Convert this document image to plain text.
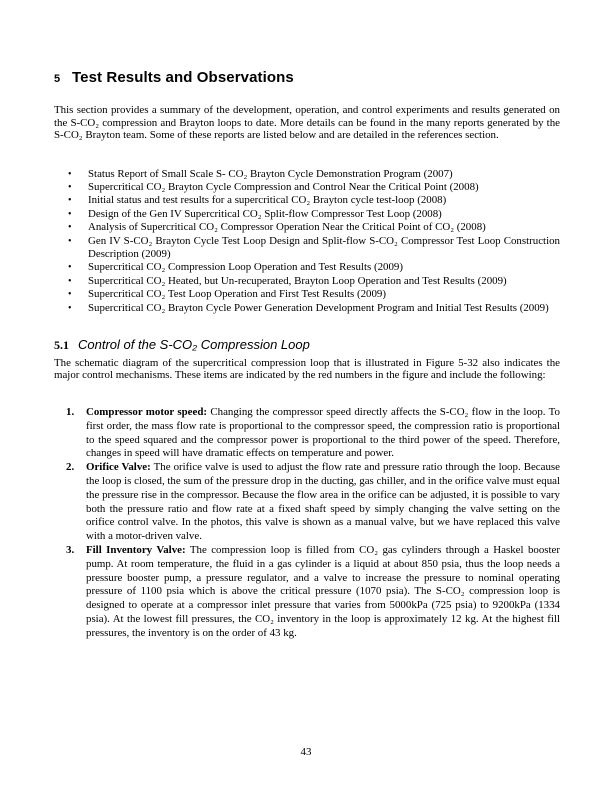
5 Test Results and Observations

This section provides a summary of the development, operation, and control experiments and results generated on the S-CO₂ compression and Brayton loops to date. More details can be found in the many reports generated by the S-CO₂ Brayton team. Some of these reports are listed below and are detailed in the references section.

•	Status Report of Small Scale S- CO₂ Brayton Cycle Demonstration Program (2007)
•	Supercritical CO₂ Brayton Cycle Compression and Control Near the Critical Point (2008)
•	Initial status and test results for a supercritical CO₂ Brayton cycle test-loop (2008)
•	Design of the Gen IV Supercritical CO₂ Split-flow Compressor Test Loop (2008)
•	Analysis of Supercritical CO₂ Compressor Operation Near the Critical Point of CO₂ (2008)
•	Gen IV S-CO₂ Brayton Cycle Test Loop Design and Split-flow S-CO₂ Compressor Test Loop Construction Description (2009)
•	Supercritical CO₂ Compression Loop Operation and Test Results (2009)
•	Supercritical CO₂ Heated, but Un-recuperated, Brayton Loop Operation and Test Results (2009)
•	Supercritical CO₂ Test Loop Operation and First Test Results (2009)
•	Supercritical CO₂ Brayton Cycle Power Generation Development Program and Initial Test Results (2009)
5.1 Control of the S-CO₂ Compression Loop

The schematic diagram of the supercritical compression loop that is illustrated in Figure 5-32 also indicates the major control mechanisms. These items are indicated by the red numbers in the figure and include the following:

1.	Compressor motor speed: Changing the compressor speed directly affects the S-CO₂ flow in the loop. To first order, the mass flow rate is proportional to the compressor speed, the compression ratio is proportional to the speed squared and the compressor power is proportional to the third power of the speed. Therefore, changes in speed will have dramatic effects on temperature and power.
2.	Orifice Valve: The orifice valve is used to adjust the flow rate and pressure ratio through the loop. Because the loop is closed, the sum of the pressure drop in the ducting, gas chiller, and in the orifice valve must equal the pressure rise in the compressor. Because the flow area in the orifice can be adjusted, it is possible to vary both the pressure ratio and flow rate at a fixed shaft speed by simply changing the valve setting on the orifice control valve. In the photos, this valve is shown as a manual valve, but we have replaced this valve with a motor-driven valve.
3.	Fill Inventory Valve: The compression loop is filled from CO₂ gas cylinders through a Haskel booster pump. At room temperature, the fluid in a gas cylinder is a liquid at about 850 psia, thus the loop needs a pressure booster pump, a pressure regulator, and a valve to increase the pressure to nominal operating pressure of 1100 psia which is above the critical pressure (1070 psia). The S-CO₂ compression loop is designed to operate at a compressor inlet pressure that varies from 5000kPa (725 psia) to 9200kPa (1334 psia). At the lowest fill pressures, the CO₂ inventory in the loop is approximately 12 kg. At the highest fill pressures, the inventory is on the order of 43 kg.
43
